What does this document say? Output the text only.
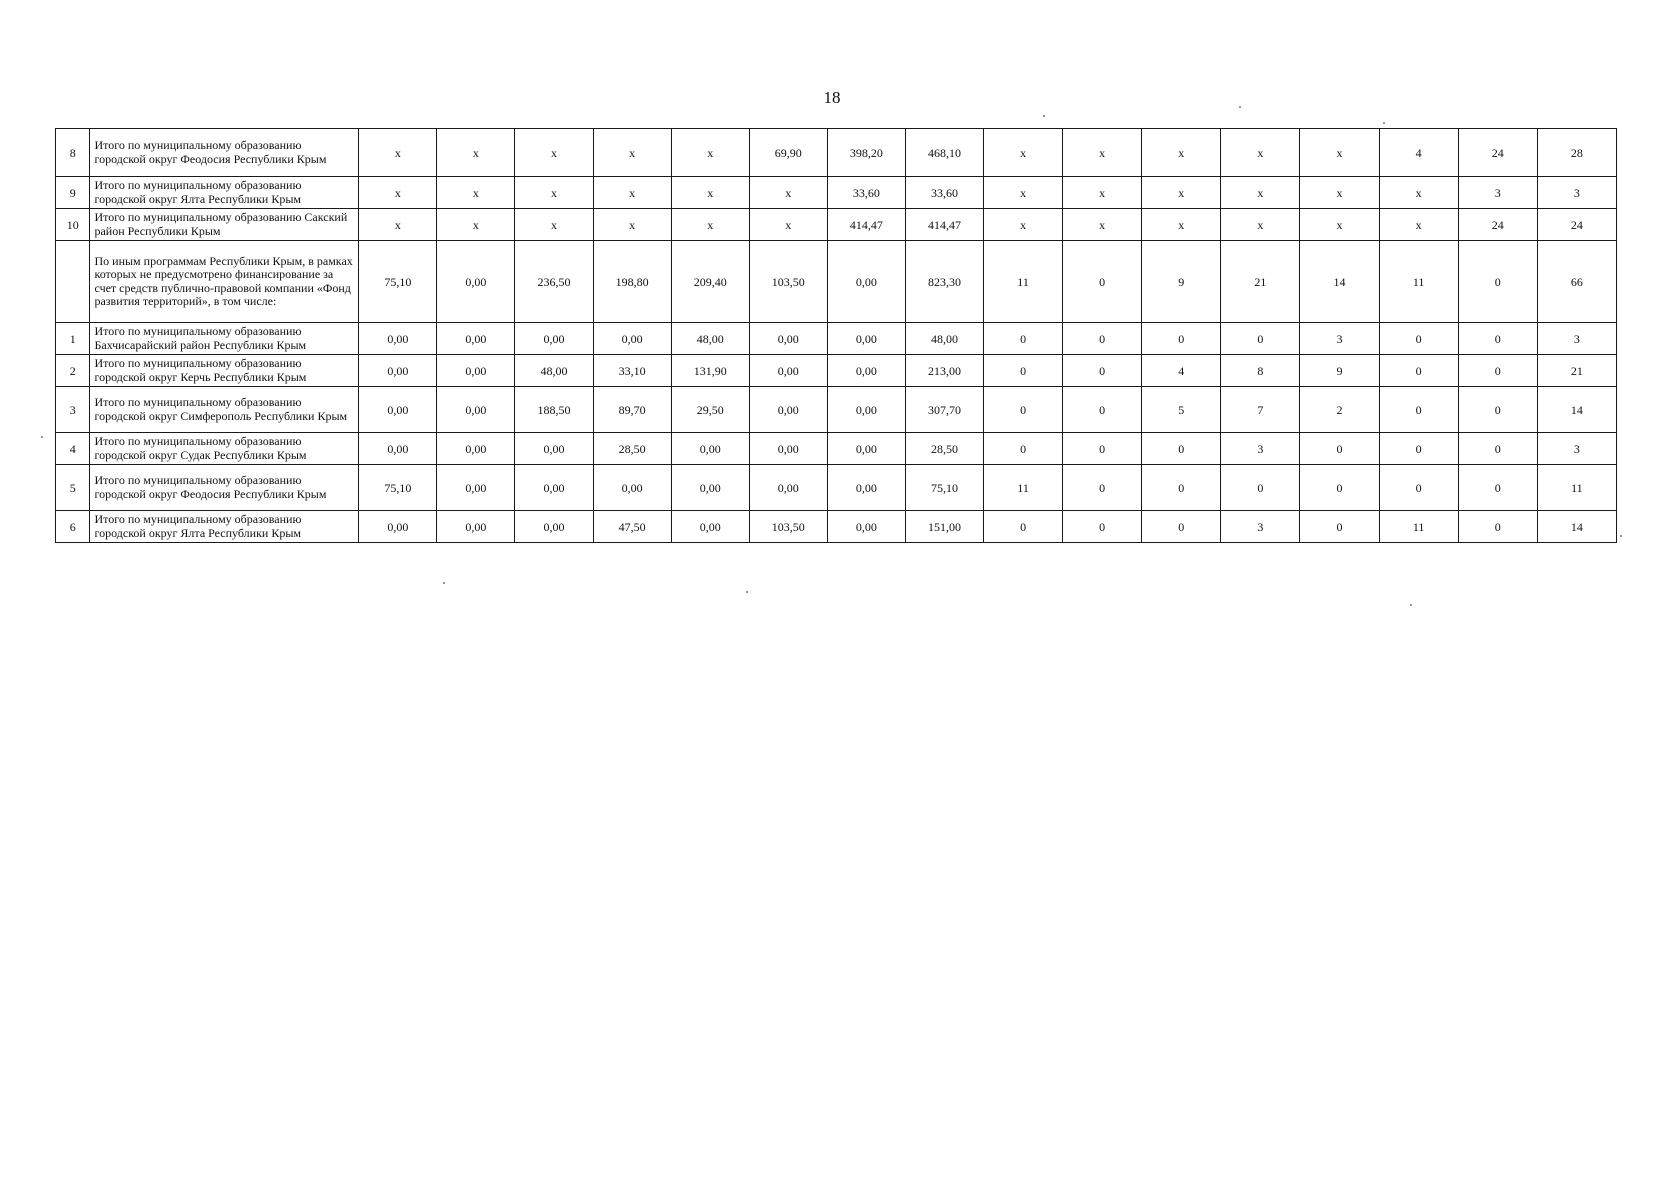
18
8	Итого по муниципальному образованию городской округ Феодосия Республики Крым	x	x	x	x	x	69,90	398,20	468,10	x	x	x	x	x	4	24	28
9	Итого по муниципальному образованию городской округ Ялта Республики Крым	x	x	x	x	x	x	33,60	33,60	x	x	x	x	x	x	3	3
10	Итого по муниципальному образованию Сакский район Республики Крым	x	x	x	x	x	x	414,47	414,47	x	x	x	x	x	x	24	24
	По иным программам Республики Крым, в рамках которых не предусмотрено финансирование за счет средств публично-правовой компании «Фонд развития территорий», в том числе:	75,10	0,00	236,50	198,80	209,40	103,50	0,00	823,30	11	0	9	21	14	11	0	66
1	Итого по муниципальному образованию Бахчисарайский район Республики Крым	0,00	0,00	0,00	0,00	48,00	0,00	0,00	48,00	0	0	0	0	3	0	0	3
2	Итого по муниципальному образованию городской округ Керчь Республики Крым	0,00	0,00	48,00	33,10	131,90	0,00	0,00	213,00	0	0	4	8	9	0	0	21
3	Итого по муниципальному образованию городской округ Симферополь Республики Крым	0,00	0,00	188,50	89,70	29,50	0,00	0,00	307,70	0	0	5	7	2	0	0	14
4	Итого по муниципальному образованию городской округ Судак Республики Крым	0,00	0,00	0,00	28,50	0,00	0,00	0,00	28,50	0	0	0	3	0	0	0	3
5	Итого по муниципальному образованию городской округ Феодосия Республики Крым	75,10	0,00	0,00	0,00	0,00	0,00	0,00	75,10	11	0	0	0	0	0	0	11
6	Итого по муниципальному образованию городской округ Ялта Республики Крым	0,00	0,00	0,00	47,50	0,00	103,50	0,00	151,00	0	0	0	3	0	11	0	14
